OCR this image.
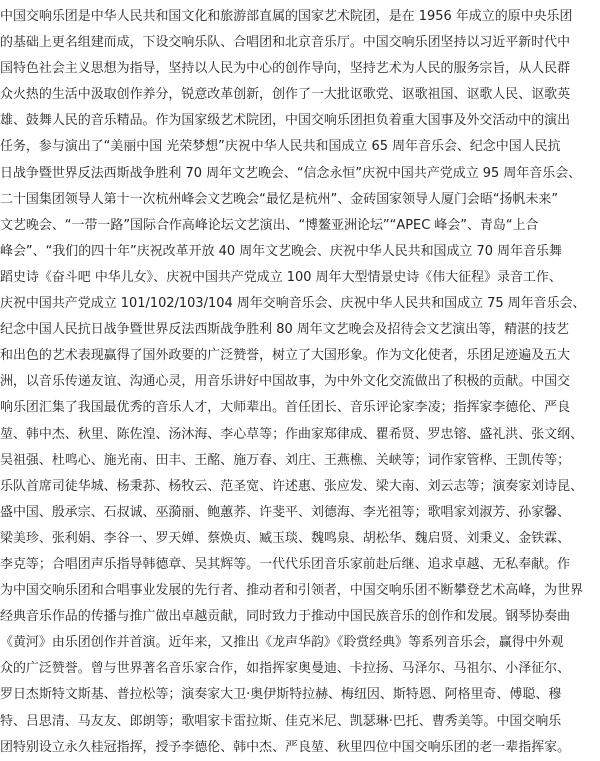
中国交响乐团是中华人民共和国文化和旅游部直属的国家艺术院团，是在 1956 年成立的原中央乐团
的基础上更名组建而成，下设交响乐队、合唱团和北京音乐厅。中国交响乐团坚持以习近平新时代中
国特色社会主义思想为指导，坚持以人民为中心的创作导向，坚持艺术为人民的服务宗旨，从人民群
众火热的生活中汲取创作养分，锐意改革创新，创作了一大批讴歌党、讴歌祖国、讴歌人民、讴歌英
雄、鼓舞人民的音乐精品。作为国家级艺术院团，中国交响乐团担负着重大国事及外交活动中的演出
任务，参与演出了“美丽中国 光荣梦想”庆祝中华人民共和国成立 65 周年音乐会、纪念中国人民抗
日战争暨世界反法西斯战争胜利 70 周年文艺晚会、“信念永恒”庆祝中国共产党成立 95 周年音乐会、
二十国集团领导人第十一次杭州峰会文艺晚会“最忆是杭州”、金砖国家领导人厦门会晤“扬帆未来”
文艺晚会、“一带一路”国际合作高峰论坛文艺演出、“博鳌亚洲论坛”“APEC 峰会”、青岛“上合
峰会”、“我们的四十年”庆祝改革开放 40 周年文艺晚会、庆祝中华人民共和国成立 70 周年音乐舞
蹈史诗《奋斗吧 中华儿女》、庆祝中国共产党成立 100 周年大型情景史诗《伟大征程》录音工作、
庆祝中国共产党成立 101/102/103/104 周年交响音乐会、庆祝中华人民共和国成立 75 周年音乐会、
纪念中国人民抗日战争暨世界反法西斯战争胜利 80 周年文艺晚会及招待会文艺演出等，精湛的技艺
和出色的艺术表现赢得了国外政要的广泛赞誉，树立了大国形象。作为文化使者，乐团足迹遍及五大
洲，以音乐传递友谊、沟通心灵，用音乐讲好中国故事，为中外文化交流做出了积极的贡献。中国交
响乐团汇集了我国最优秀的音乐人才，大师辈出。首任团长、音乐评论家李凌；指挥家李德伦、严良
堃、韩中杰、秋里、陈佐湟、汤沐海、李心草等；作曲家郑律成、瞿希贤、罗忠镕、盛礼洪、张文纲、
吴祖强、杜鸣心、施光南、田丰、王酩、施万春、刘庄、王燕樵、关峡等；词作家管桦、王凯传等；
乐队首席司徒华城、杨秉荪、杨牧云、范圣宽、许述惠、张应发、梁大南、刘云志等；演奏家刘诗昆、
盛中国、殷承宗、石叔诚、巫漪丽、鲍蕙荞、许斐平、刘德海、李光祖等；歌唱家刘淑芳、孙家馨、
梁美珍、张利娟、李谷一、罗天婵、蔡焕贞、臧玉琰、魏鸣泉、胡松华、魏启贤、刘秉义、金铁霖、
李克等；合唱团声乐指导韩德章、吴其辉等。一代代乐团音乐家前赴后继、追求卓越、无私奉献。作
为中国交响乐团和合唱事业发展的先行者、推动者和引领者，中国交响乐团不断攀登艺术高峰，为世界
经典音乐作品的传播与推广做出卓越贡献，同时致力于推动中国民族音乐的创作和发展。钢琴协奏曲
《黄河》由乐团创作并首演。近年来，又推出《龙声华韵》《聆赏经典》等系列音乐会，赢得中外观
众的广泛赞誉。曾与世界著名音乐家合作，如指挥家奥曼迪、卡拉扬、马泽尔、马祖尔、小泽征尔、
罗日杰斯特文斯基、普拉松等；演奏家大卫·奥伊斯特拉赫、梅纽因、斯特恩、阿格里奇、傅聪、穆
特、吕思清、马友友、郎朗等；歌唱家卡雷拉斯、佳克米尼、凯瑟琳·巴托、曹秀美等。中国交响乐
团特别设立永久桂冠指挥，授予李德伦、韩中杰、严良堃、秋里四位中国交响乐团的老一辈指挥家。
